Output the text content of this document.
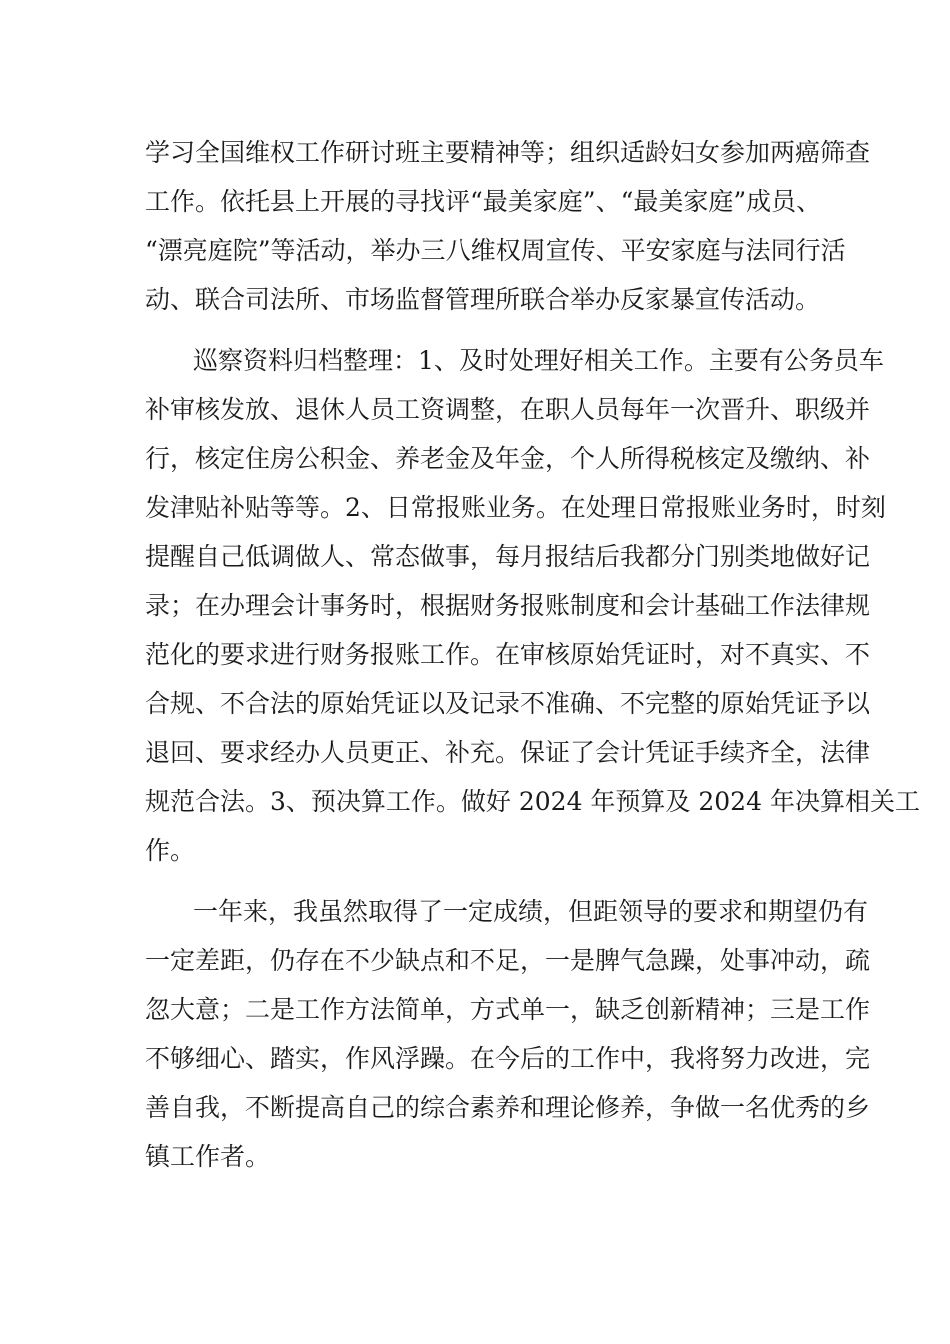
学习全国维权工作研讨班主要精神等；组织适龄妇女参加两癌筛查
工作。依托县上开展的寻找评“最美家庭”、“最美家庭”成员、
“漂亮庭院”等活动，举办三八维权周宣传、平安家庭与法同行活
动、联合司法所、市场监督管理所联合举办反家暴宣传活动。
巡察资料归档整理：1、及时处理好相关工作。主要有公务员车
补审核发放、退休人员工资调整，在职人员每年一次晋升、职级并
行，核定住房公积金、养老金及年金，个人所得税核定及缴纳、补
发津贴补贴等等。2、日常报账业务。在处理日常报账业务时，时刻
提醒自己低调做人、常态做事，每月报结后我都分门别类地做好记
录；在办理会计事务时，根据财务报账制度和会计基础工作法律规
范化的要求进行财务报账工作。在审核原始凭证时，对不真实、不
合规、不合法的原始凭证以及记录不准确、不完整的原始凭证予以
退回、要求经办人员更正、补充。保证了会计凭证手续齐全，法律
规范合法。3、预决算工作。做好 2024 年预算及 2024 年决算相关工
作。
一年来，我虽然取得了一定成绩，但距领导的要求和期望仍有
一定差距，仍存在不少缺点和不足，一是脾气急躁，处事冲动，疏
忽大意；二是工作方法简单，方式单一，缺乏创新精神；三是工作
不够细心、踏实，作风浮躁。在今后的工作中，我将努力改进，完
善自我，不断提高自己的综合素养和理论修养，争做一名优秀的乡
镇工作者。
